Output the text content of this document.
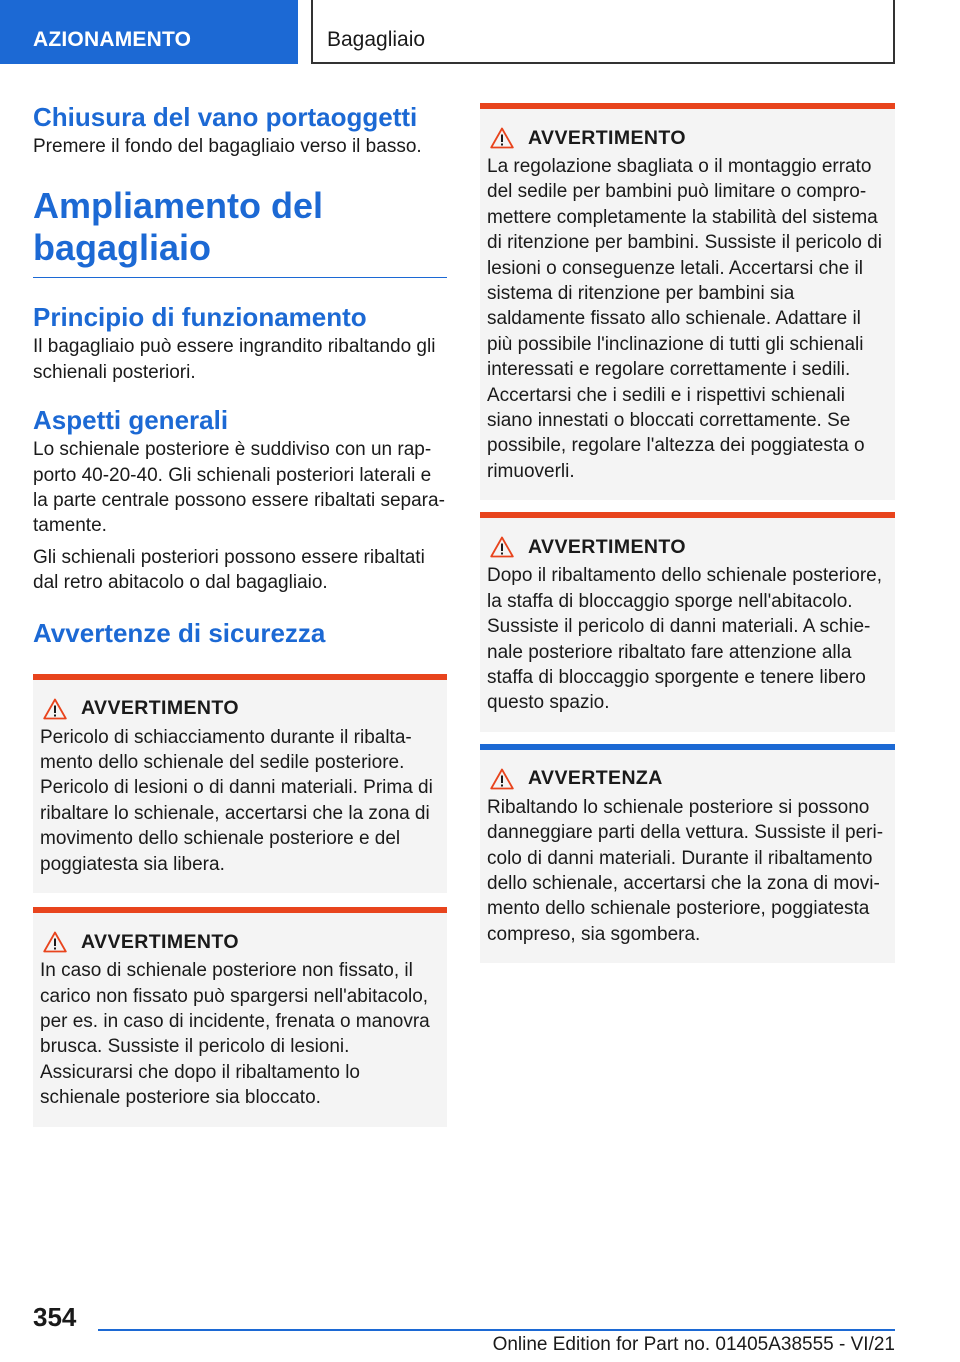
AZIONAMENTO	Bagagliaio
Chiusura del vano portaoggetti

Premere il fondo del bagagliaio verso il basso.

Ampliamento del bagagliaio
Principio di funzionamento

Il bagagliaio può essere ingrandito ribaltando gli schienali posteriori.

Aspetti generali

Lo schienale posteriore è suddiviso con un rapporto 40-20-40. Gli schienali posteriori laterali e la parte centrale possono essere ribaltati separatamente.

Gli schienali posteriori possono essere ribaltati dal retro abitacolo o dal bagagliaio.

Avvertenze di sicurezza
AVVERTIMENTO
Pericolo di schiacciamento durante il ribaltamento dello schienale del sedile posteriore. Pericolo di lesioni o di danni materiali. Prima di ribaltare lo schienale, accertarsi che la zona di movimento dello schienale posteriore e del poggiatesta sia libera.
AVVERTIMENTO
In caso di schienale posteriore non fissato, il carico non fissato può spargersi nell'abitacolo, per es. in caso di incidente, frenata o manovra brusca. Sussiste il pericolo di lesioni. Assicurarsi che dopo il ribaltamento lo schienale posteriore sia bloccato.
AVVERTIMENTO
La regolazione sbagliata o il montaggio errato del sedile per bambini può limitare o compromettere completamente la stabilità del sistema di ritenzione per bambini. Sussiste il pericolo di lesioni o conseguenze letali. Accertarsi che il sistema di ritenzione per bambini sia saldamente fissato allo schienale. Adattare il più possibile l'inclinazione di tutti gli schienali interessati e regolare correttamente i sedili. Accertarsi che i sedili e i rispettivi schienali siano innestati o bloccati correttamente. Se possibile, regolare l'altezza dei poggiatesta o rimuoverli.
AVVERTIMENTO
Dopo il ribaltamento dello schienale posteriore, la staffa di bloccaggio sporge nell'abitacolo. Sussiste il pericolo di danni materiali. A schienale posteriore ribaltato fare attenzione alla staffa di bloccaggio sporgente e tenere libero questo spazio.
AVVERTENZA
Ribaltando lo schienale posteriore si possono danneggiare parti della vettura. Sussiste il pericolo di danni materiali. Durante il ribaltamento dello schienale, accertarsi che la zona di movimento dello schienale posteriore, poggiatesta compreso, sia sgombera.
354
Online Edition for Part no. 01405A38555 - VI/21
